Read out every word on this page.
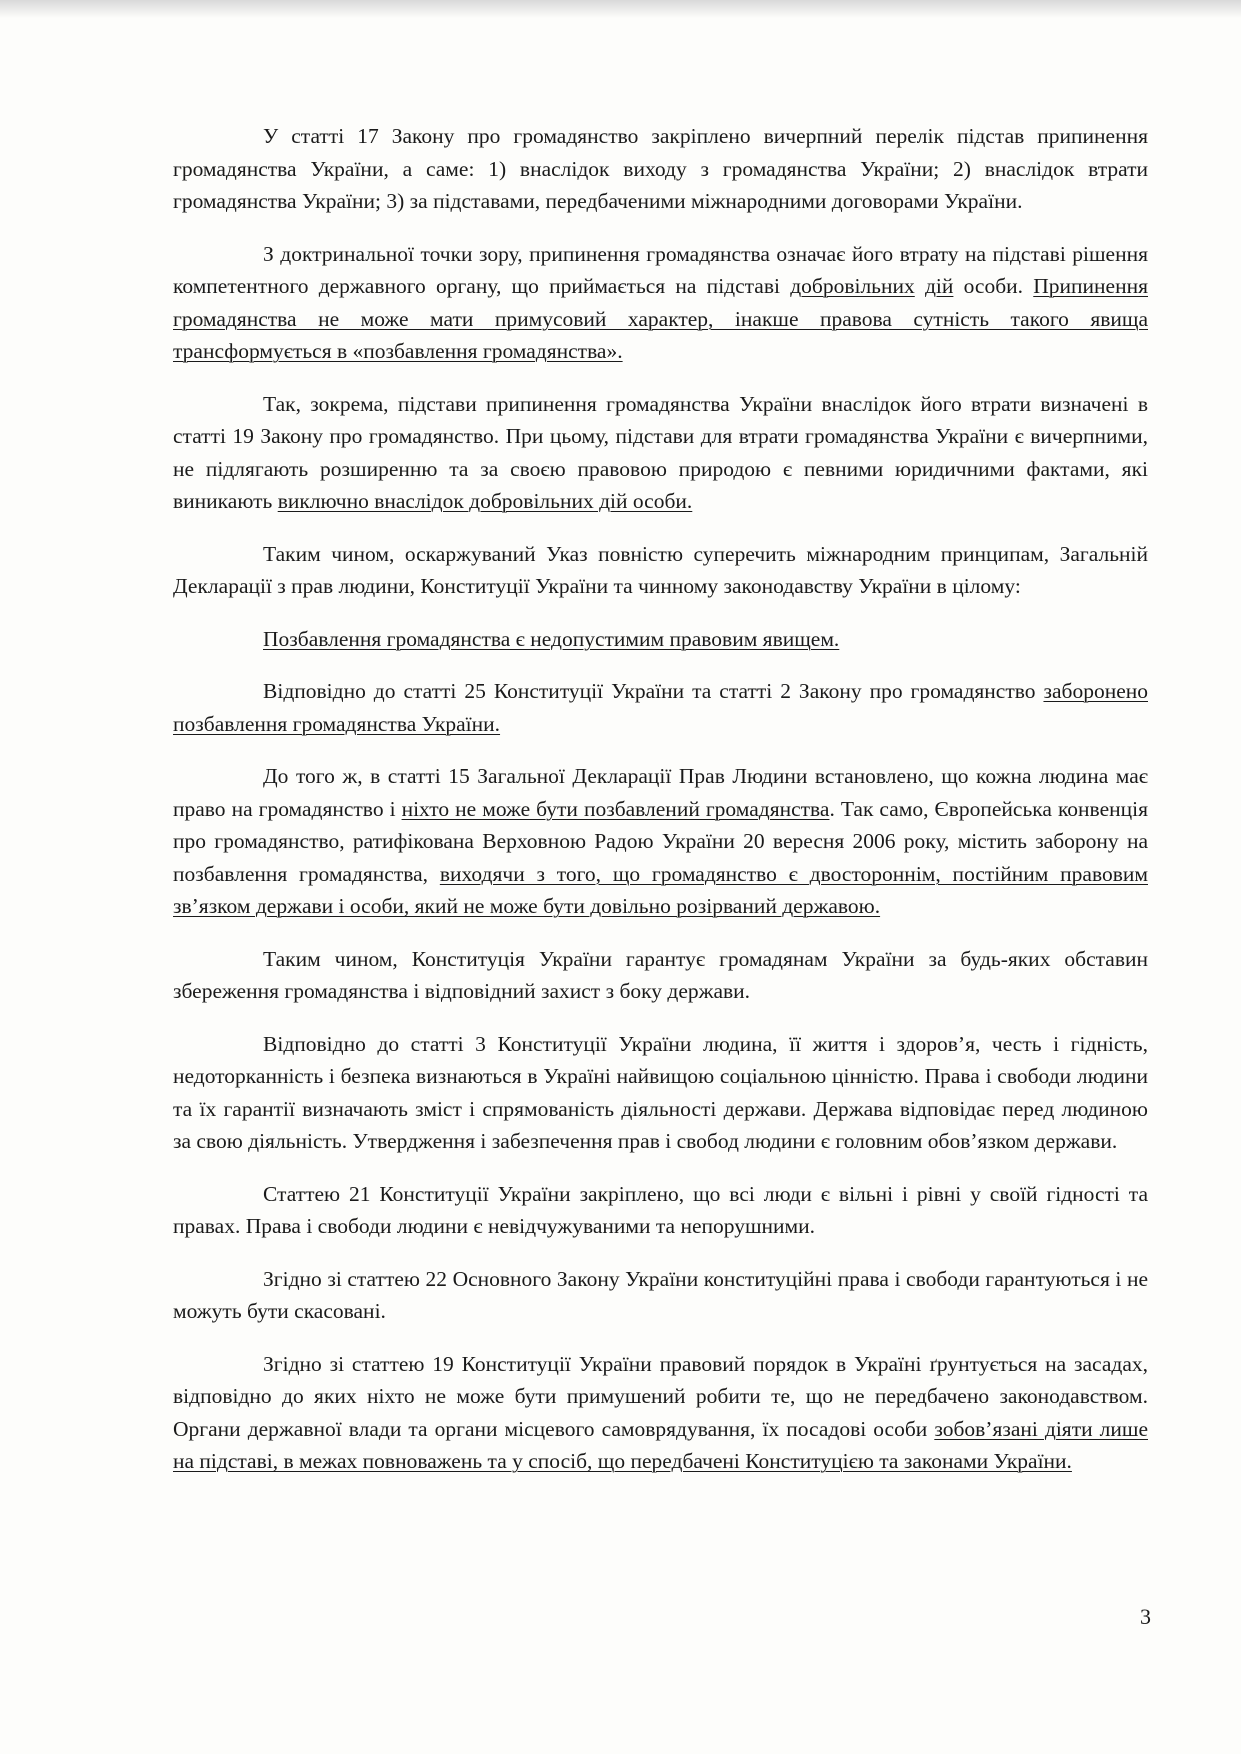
У статті 17 Закону про громадянство закріплено вичерпний перелік підстав припинення громадянства України, а саме: 1) внаслідок виходу з громадянства України; 2) внаслідок втрати громадянства України; 3) за підставами, передбаченими міжнародними договорами України.

З доктринальної точки зору, припинення громадянства означає його втрату на підставі рішення компетентного державного органу, що приймається на підставі добровільних дій особи. Припинення громадянства не може мати примусовий характер, інакше правова сутність такого явища трансформується в «позбавлення громадянства».

Так, зокрема, підстави припинення громадянства України внаслідок його втрати визначені в статті 19 Закону про громадянство. При цьому, підстави для втрати громадянства України є вичерпними, не підлягають розширенню та за своєю правовою природою є певними юридичними фактами, які виникають виключно внаслідок добровільних дій особи.

Таким чином, оскаржуваний Указ повністю суперечить міжнародним принципам, Загальній Декларації з прав людини, Конституції України та чинному законодавству України в цілому:

Позбавлення громадянства є недопустимим правовим явищем.

Відповідно до статті 25 Конституції України та статті 2 Закону про громадянство заборонено позбавлення громадянства України.

До того ж, в статті 15 Загальної Декларації Прав Людини встановлено, що кожна людина має право на громадянство і ніхто не може бути позбавлений громадянства. Так само, Європейська конвенція про громадянство, ратифікована Верховною Радою України 20 вересня 2006 року, містить заборону на позбавлення громадянства, виходячи з того, що громадянство є двостороннім, постійним правовим зв’язком держави і особи, який не може бути довільно розірваний державою.

Таким чином, Конституція України гарантує громадянам України за будь-яких обставин збереження громадянства і відповідний захист з боку держави.

Відповідно до статті 3 Конституції України людина, її життя і здоров’я, честь і гідність, недоторканність і безпека визнаються в Україні найвищою соціальною цінністю. Права і свободи людини та їх гарантії визначають зміст і спрямованість діяльності держави. Держава відповідає перед людиною за свою діяльність. Утвердження і забезпечення прав і свобод людини є головним обов’язком держави.

Статтею 21 Конституції України закріплено, що всі люди є вільні і рівні у своїй гідності та правах. Права і свободи людини є невідчужуваними та непорушними.

Згідно зі статтею 22 Основного Закону України конституційні права і свободи гарантуються і не можуть бути скасовані.

Згідно зі статтею 19 Конституції України правовий порядок в Україні ґрунтується на засадах, відповідно до яких ніхто не може бути примушений робити те, що не передбачено законодавством. Органи державної влади та органи місцевого самоврядування, їх посадові особи зобов’язані діяти лише на підставі, в межах повноважень та у спосіб, що передбачені Конституцією та законами України.

3
